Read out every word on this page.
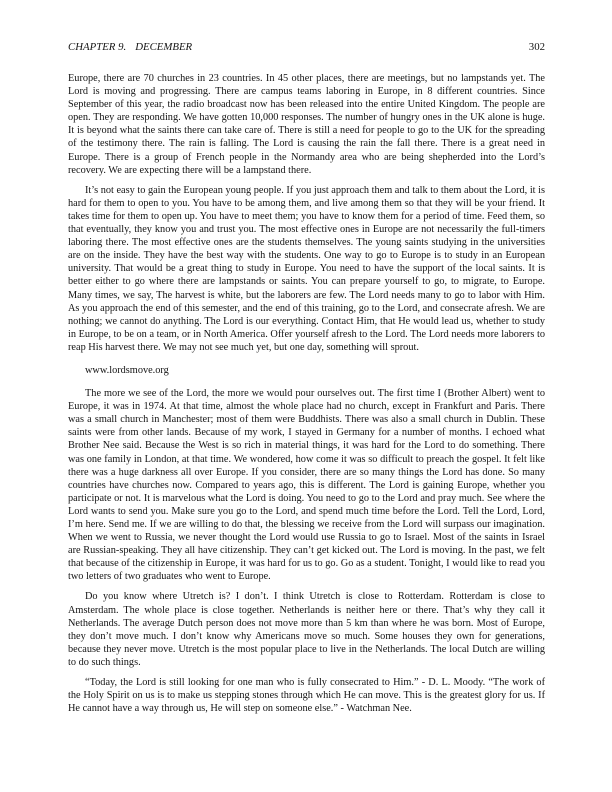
CHAPTER 9. DECEMBER	302

Europe, there are 70 churches in 23 countries. In 45 other places, there are meetings, but no lampstands yet. The Lord is moving and progressing. There are campus teams laboring in Europe, in 8 different countries. Since September of this year, the radio broadcast now has been released into the entire United Kingdom. The people are open. They are responding. We have gotten 10,000 responses. The number of hungry ones in the UK alone is huge. It is beyond what the saints there can take care of. There is still a need for people to go to the UK for the spreading of the testimony there. The rain is falling. The Lord is causing the rain the fall there. There is a great need in Europe. There is a group of French people in the Normandy area who are being shepherded into the Lord’s recovery. We are expecting there will be a lampstand there.

It’s not easy to gain the European young people. If you just approach them and talk to them about the Lord, it is hard for them to open to you. You have to be among them, and live among them so that they will be your friend. It takes time for them to open up. You have to meet them; you have to know them for a period of time. Feed them, so that eventually, they know you and trust you. The most effective ones in Europe are not necessarily the full-timers laboring there. The most effective ones are the students themselves. The young saints studying in the universities are on the inside. They have the best way with the students. One way to go to Europe is to study in an European university. That would be a great thing to study in Europe. You need to have the support of the local saints. It is better either to go where there are lampstands or saints. You can prepare yourself to go, to migrate, to Europe. Many times, we say, The harvest is white, but the laborers are few. The Lord needs many to go to labor with Him. As you approach the end of this semester, and the end of this training, go to the Lord, and consecrate afresh. We are nothing; we cannot do anything. The Lord is our everything. Contact Him, that He would lead us, whether to study in Europe, to be on a team, or in North America. Offer yourself afresh to the Lord. The Lord needs more laborers to reap His harvest there. We may not see much yet, but one day, something will sprout.

www.lordsmove.org

The more we see of the Lord, the more we would pour ourselves out. The first time I (Brother Albert) went to Europe, it was in 1974. At that time, almost the whole place had no church, except in Frankfurt and Paris. There was a small church in Manchester; most of them were Buddhists. There was also a small church in Dublin. These saints were from other lands. Because of my work, I stayed in Germany for a number of months. I echoed what Brother Nee said. Because the West is so rich in material things, it was hard for the Lord to do something. There was one family in London, at that time. We wondered, how come it was so difficult to preach the gospel. It felt like there was a huge darkness all over Europe. If you consider, there are so many things the Lord has done. So many countries have churches now. Compared to years ago, this is different. The Lord is gaining Europe, whether you participate or not. It is marvelous what the Lord is doing. You need to go to the Lord and pray much. See where the Lord wants to send you. Make sure you go to the Lord, and spend much time before the Lord. Tell the Lord, Lord, I’m here. Send me. If we are willing to do that, the blessing we receive from the Lord will surpass our imagination. When we went to Russia, we never thought the Lord would use Russia to go to Israel. Most of the saints in Israel are Russian-speaking. They all have citizenship. They can’t get kicked out. The Lord is moving. In the past, we felt that because of the citizenship in Europe, it was hard for us to go. Go as a student. Tonight, I would like to read you two letters of two graduates who went to Europe.

Do you know where Utretch is? I don’t. I think Utretch is close to Rotterdam. Rotterdam is close to Amsterdam. The whole place is close together. Netherlands is neither here or there. That’s why they call it Netherlands. The average Dutch person does not move more than 5 km than where he was born. Most of Europe, they don’t move much. I don’t know why Americans move so much. Some houses they own for generations, because they never move. Utretch is the most popular place to live in the Netherlands. The local Dutch are willing to do such things.

“Today, the Lord is still looking for one man who is fully consecrated to Him.” - D. L. Moody. “The work of the Holy Spirit on us is to make us stepping stones through which He can move. This is the greatest glory for us. If He cannot have a way through us, He will step on someone else.” - Watchman Nee.
